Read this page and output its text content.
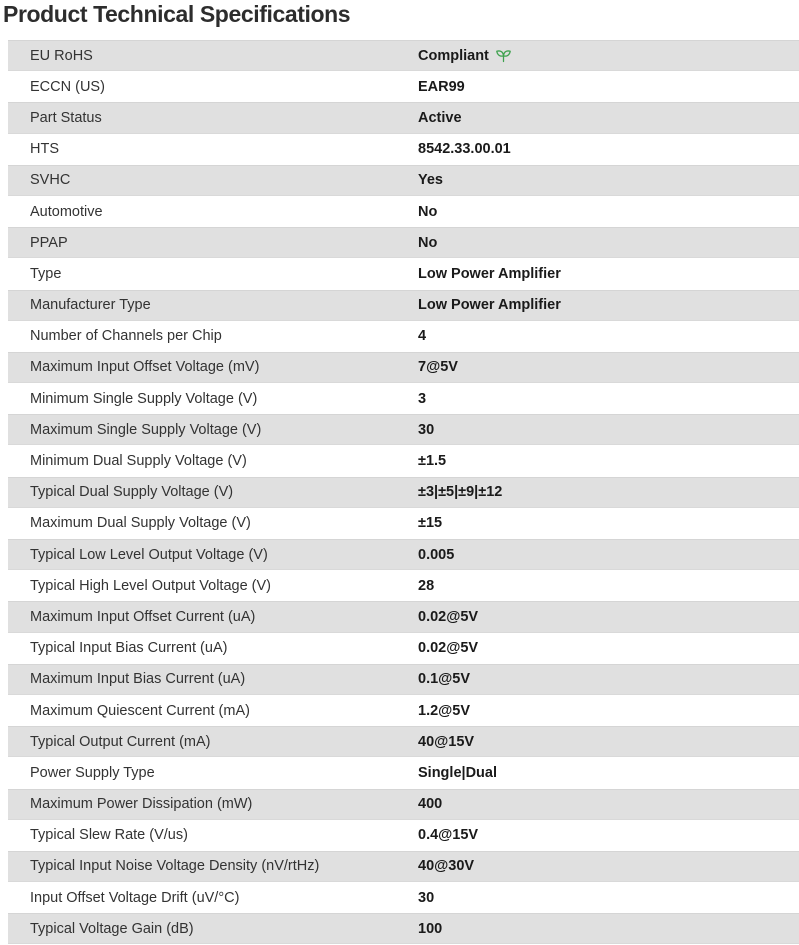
Product Technical Specifications
EU RoHS	Compliant
ECCN (US)	EAR99
Part Status	Active
HTS	8542.33.00.01
SVHC	Yes
Automotive	No
PPAP	No
Type	Low Power Amplifier
Manufacturer Type	Low Power Amplifier
Number of Channels per Chip	4
Maximum Input Offset Voltage (mV)	7@5V
Minimum Single Supply Voltage (V)	3
Maximum Single Supply Voltage (V)	30
Minimum Dual Supply Voltage (V)	±1.5
Typical Dual Supply Voltage (V)	±3|±5|±9|±12
Maximum Dual Supply Voltage (V)	±15
Typical Low Level Output Voltage (V)	0.005
Typical High Level Output Voltage (V)	28
Maximum Input Offset Current (uA)	0.02@5V
Typical Input Bias Current (uA)	0.02@5V
Maximum Input Bias Current (uA)	0.1@5V
Maximum Quiescent Current (mA)	1.2@5V
Typical Output Current (mA)	40@15V
Power Supply Type	Single|Dual
Maximum Power Dissipation (mW)	400
Typical Slew Rate (V/us)	0.4@15V
Typical Input Noise Voltage Density (nV/rtHz)	40@30V
Input Offset Voltage Drift (uV/°C)	30
Typical Voltage Gain (dB)	100
